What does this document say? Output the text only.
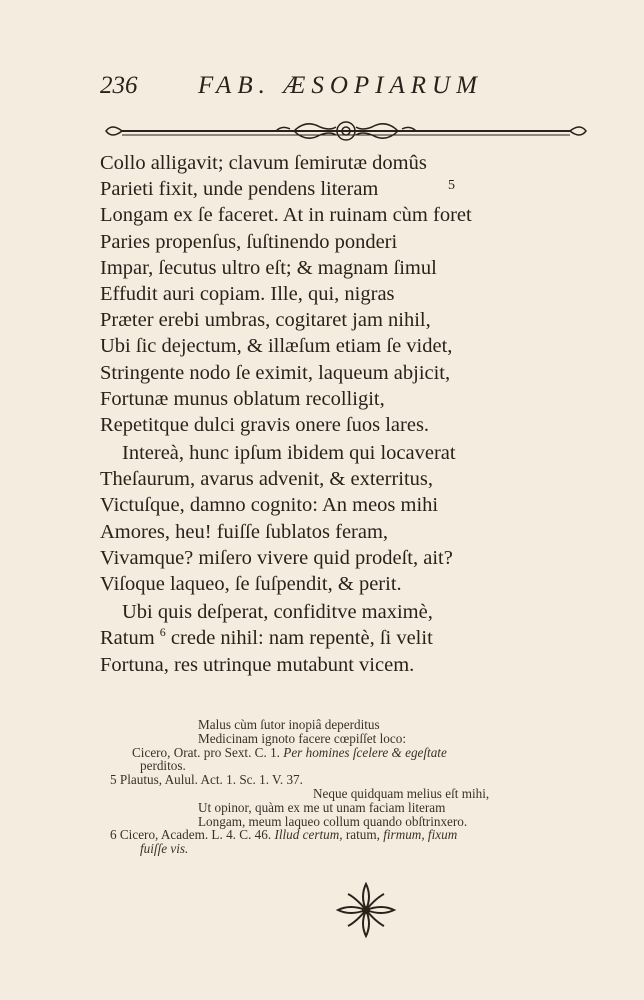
236 FAB. ÆSOPIARUM
Collo alligavit; clavum ſemirutæ domûs
Parieti fixit, unde pendens literam	5
Longam ex ſe faceret. At in ruinam cùm foret
Paries propenſus, ſuſtinendo ponderi
Impar, ſecutus ultro eſt; & magnam ſimul
Effudit auri copiam. Ille, qui, nigras
Præter erebi umbras, cogitaret jam nihil,
Ubi ſic dejectum, & illæſum etiam ſe videt,
Stringente nodo ſe eximit, laqueum abjicit,
Fortunæ munus oblatum recolligit,
Repetitque dulci gravis onere ſuos lares.
Intereà, hunc ipſum ibidem qui locaverat
Theſaurum, avarus advenit, & exterritus,
Victuſque, damno cognito: An meos mihi
Amores, heu! fuiſſe ſublatos feram,
Vivamque? miſero vivere quid prodeſt, ait?
Viſoque laqueo, ſe ſuſpendit, & perit.
Ubi quis deſperat, confiditve maximè,
Ratum $^6$ crede nihil: nam repentè, ſi velit
Fortuna, res utrinque mutabunt vicem.
Malus cùm ſutor inopiâ deperditus
Medicinam ignoto facere cœpiſſet loco:
Cicero, Orat. pro Sext. C. 1. Per homines ſcelere & egeſtate
perditos.
5 Plautus, Aulul. Act. 1. Sc. 1. V. 37.
Neque quidquam melius eſt mihi,
Ut opinor, quàm ex me ut unam faciam literam
Longam, meum laqueo collum quando obſtrinxero.
6 Cicero, Academ. L. 4. C. 46. Illud certum, ratum, firmum, fixum
fuiſſe vis.
